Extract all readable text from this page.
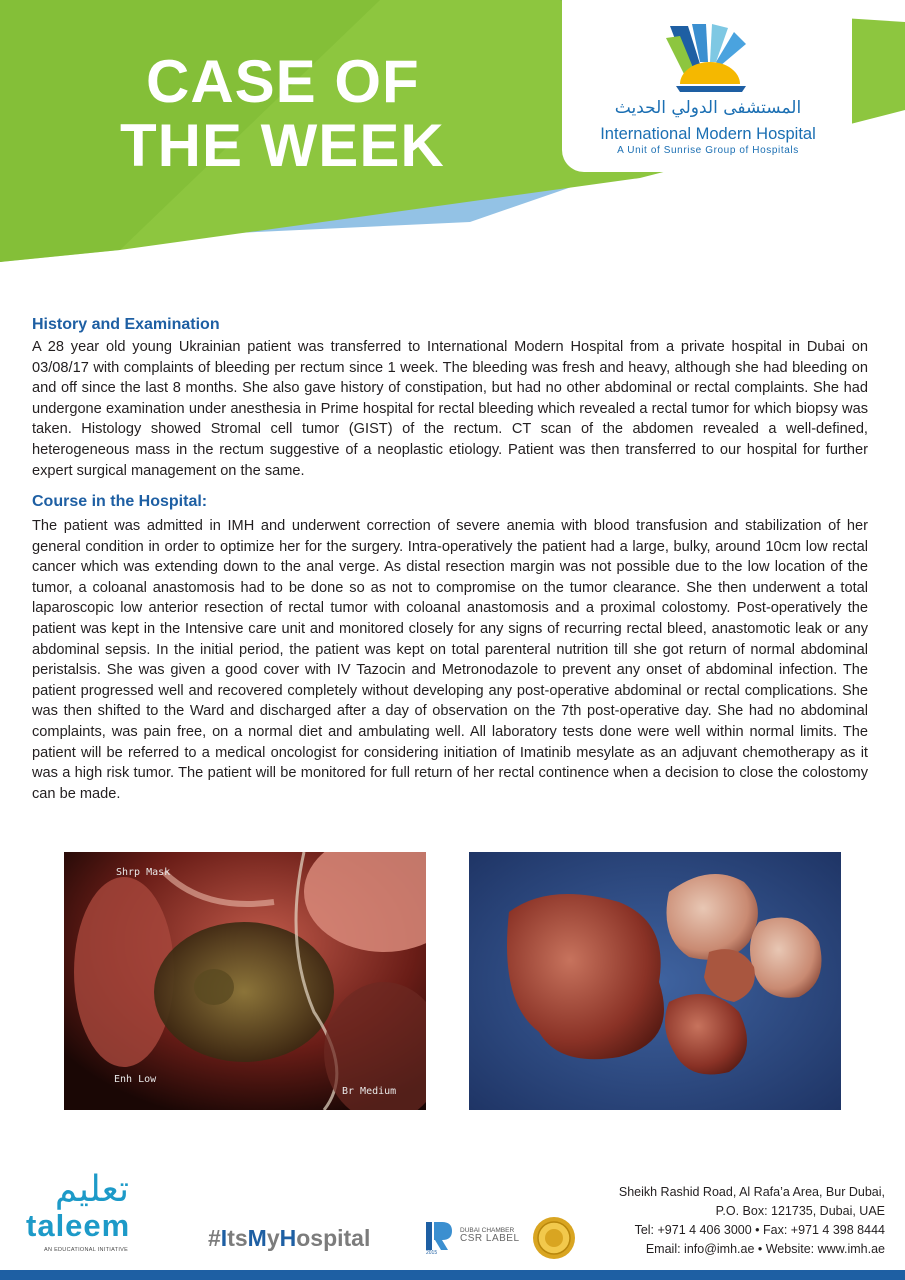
CASE OF
THE WEEK
المستشفى الدولي الحديث
International Modern Hospital
A Unit of Sunrise Group of Hospitals
History and Examination

A 28 year old young Ukrainian patient was transferred to International Modern Hospital from a private hospital in Dubai on 03/08/17 with complaints of bleeding per rectum since 1 week. The bleeding was fresh and heavy, although she had bleeding on and off since the last 8 months. She also gave history of constipation, but had no other abdominal or rectal complaints. She had undergone examination under anesthesia in Prime hospital for rectal bleeding which revealed a rectal tumor for which biopsy was taken. Histology showed Stromal cell tumor (GIST) of the rectum. CT scan of the abdomen revealed a well-defined, heterogeneous mass in the rectum suggestive of a neoplastic etiology. Patient was then transferred to our hospital for further expert surgical management on the same.

Course in the Hospital:

The patient was admitted in IMH and underwent correction of severe anemia with blood transfusion and stabilization of her general condition in order to optimize her for the surgery. Intra-operatively the patient had a large, bulky, around 10cm low rectal cancer which was extending down to the anal verge. As distal resection margin was not possible due to the low location of the tumor, a coloanal anastomosis had to be done so as not to compromise on the tumor clearance. She then underwent a total laparoscopic low anterior resection of rectal tumor with coloanal anastomosis and a proximal colostomy. Post-operatively the patient was kept in the Intensive care unit and monitored closely for any signs of recurring rectal bleed, anastomotic leak or any abdominal sepsis. In the initial period, the patient was kept on total parenteral nutrition till she got return of normal abdominal peristalsis. She was given a good cover with IV Tazocin and Metronodazole to prevent any onset of abdominal infection. The patient progressed well and recovered completely without developing any post-operative abdominal or rectal complications. She was then shifted to the Ward and discharged after a day of observation on the 7th post-operative day. She had no abdominal complaints, was pain free, on a normal diet and ambulating well. All laboratory tests done were well within normal limits. The patient will be referred to a medical oncologist for considering initiation of Imatinib mesylate as an adjuvant chemotherapy as it was a high risk tumor. The patient will be monitored for full return of her rectal continence when a decision to close the colostomy can be made.

Shrp Mask
Enh Low
Br Medium
تعليم
taleem
AN EDUCATIONAL INITIATIVE	#ItsMyHospital
2015
DUBAI CHAMBER
CSR LABEL
Sheikh Rashid Road, Al Rafa’a Area, Bur Dubai,
P.O. Box: 121735, Dubai, UAE
Tel: +971 4 406 3000 • Fax: +971 4 398 8444
Email: info@imh.ae • Website: www.imh.ae
